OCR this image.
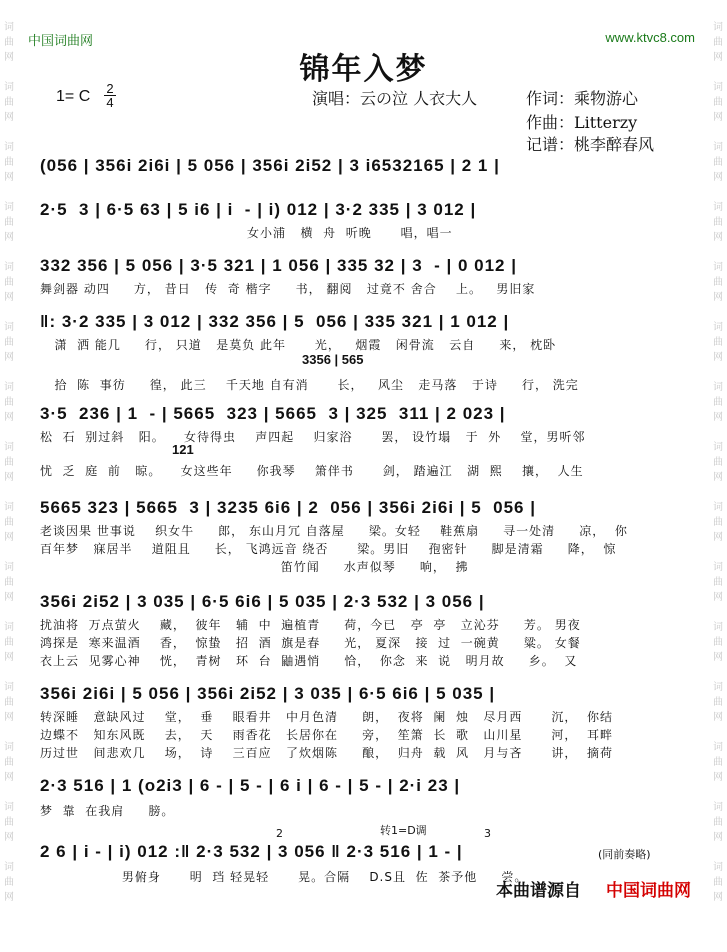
词
曲
网

词
曲
网

词
曲
网

词
曲
网

词
曲
网

词
曲
网

词
曲
网

词
曲
网

词
曲
网

词
曲
网

词
曲
网

词
曲
网

词
曲
网

词
曲
网

词
曲
网
词
曲
网

词
曲
网

词
曲
网

词
曲
网

词
曲
网

词
曲
网

词
曲
网

词
曲
网

词
曲
网

词
曲
网

词
曲
网

词
曲
网

词
曲
网

词
曲
网

词
曲
网
中国词曲网	www.ktvc8.com
锦年入梦
1= C 2
4	演唱：云の泣 人衣大人	作词：乘物游心
作曲：Litterzy
记谱：桃李醉春风
(056 | 356i 2i6i | 5 056 | 356i 2i52 | 3 i6532165 | 2 1 |
2·5  3 | 6·5 63 | 5 i6 | i  - | i) 012 | 3·2 335 | 3 012 |
女小浦   横  舟  听晚      唱，唱一
332 356 | 5 056 | 3·5 321 | 1 056 | 335 32 | 3  - | 0 012 |
舞剑器 动四     方， 昔日   传  奇 楷字     书， 翻阅   过竟不 舍合    上。   男旧家
‖: 3·2 335 | 3 012 | 332 356 | 5  056 | 335 321 | 1 012 |
潇  洒 能几     行， 只道   是莫负 此年      光，   烟霞   闲骨流   云自     来， 枕卧
3356 | 565
拾  陈  事彷     徨， 此三    千天地 自有消      长，   风尘   走马落   于诗     行， 洗完
3·5  236 | 1  - | 5665  323 | 5665  3 | 325  311 | 2 023 |
松  石  别过斜   阳。    女待得虫    声四起    归家浴      罢， 设竹塌   于  外    堂，男听邻
121
忧  乏  庭  前   晾。    女这些年     你我琴    箫伴书      剑， 踏遍江   湖  熙    攘，  人生
5665 323 | 5665  3 | 3235 6i6 | 2  056 | 356i 2i6i | 5  056 |
老谈因果 世事说    织女牛     郎， 东山月冗 自落屋     梁。女轻    鞋蕉扇     寻一处清     凉，  你
百年梦   寐居半    道阻且     长， 飞鸿远音 绕否      梁。男旧    孢密针     脚是清霜     降，  惊
笛竹闻     水声似琴     响，  拂
356i 2i52 | 3 035 | 6·5 6i6 | 5 035 | 2·3 532 | 3 056 |
扰油将  万点萤火    藏，  彼年   辅  中  遍植青     荷，今已   亭  亭   立沁芬     芳。 男夜
鸿探是  寒来温酒    香，  惊蛰   招  酒  旗是春     光， 夏深   接  过  一碗黄     粱。 女餐
衣上云  见雾心神    恍，  青树   环  台  鼬遇悄     恰，  你念  来  说   明月故     乡。  又
356i 2i6i | 5 056 | 356i 2i52 | 3 035 | 6·5 6i6 | 5 035 |
转深睡   意缺风过    堂，  垂    眼看井   中月色清     朗，  夜将  阑  烛   尽月西      沉，  你结
边蝶不   知东风既    去，  天    雨香花   长居你在     旁，  笙箫  长  歌   山川星      河，  耳畔
历过世   间悲欢几    场，  诗    三百应   了炊烟陈     酿，  归舟  载  风   月与吝      讲，  摘荷
2·3 516 | 1 (o2i3 | 6 - | 5 - | 6 i | 6 - | 5 - | 2·i 23 |
梦  靠  在我肩     膀。
2	转1=D调	3
2 6 | i - | i) 012 :‖ 2·3 532 | 3 056 ‖ 2·3 516 | 1 - |
男俯身      明  珰 轻晃轻      晃。合隔    D.S且  佐  茶予他     尝。
(同前奏略)
本曲谱源自 中国词曲网
